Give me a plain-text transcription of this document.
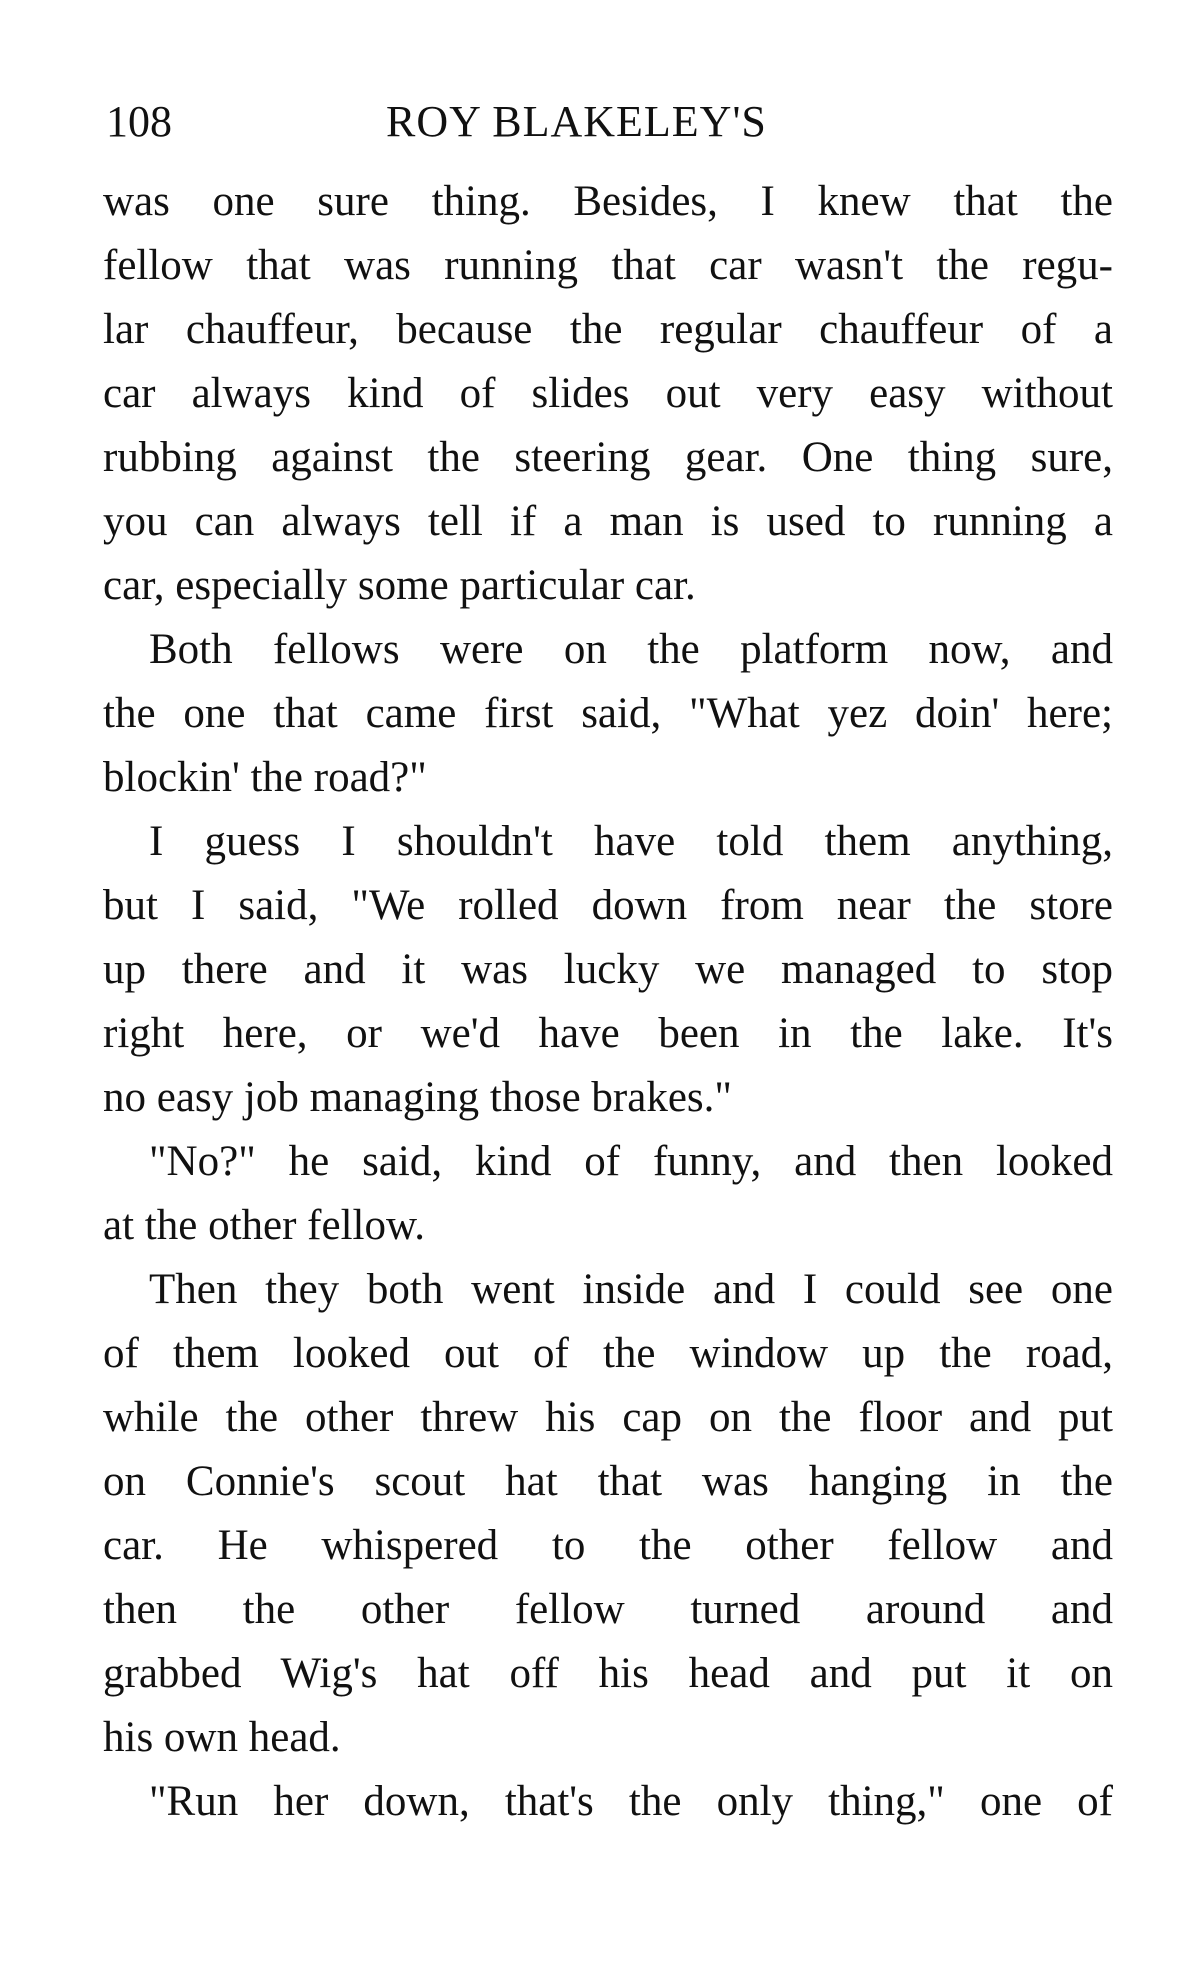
108	ROY BLAKELEY'S
was one sure thing. Besides, I knew that the
fellow that was running that car wasn't the regu-
lar chauffeur, because the regular chauffeur of a
car always kind of slides out very easy without
rubbing against the steering gear. One thing sure,
you can always tell if a man is used to running a
car, especially some particular car.
Both fellows were on the platform now, and
the one that came first said, "What yez doin' here;
blockin' the road?"
I guess I shouldn't have told them anything,
but I said, "We rolled down from near the store
up there and it was lucky we managed to stop
right here, or we'd have been in the lake. It's
no easy job managing those brakes."
"No?" he said, kind of funny, and then looked
at the other fellow.
Then they both went inside and I could see one
of them looked out of the window up the road,
while the other threw his cap on the floor and put
on Connie's scout hat that was hanging in the
car. He whispered to the other fellow and
then the other fellow turned around and
grabbed Wig's hat off his head and put it on
his own head.
"Run her down, that's the only thing," one of
